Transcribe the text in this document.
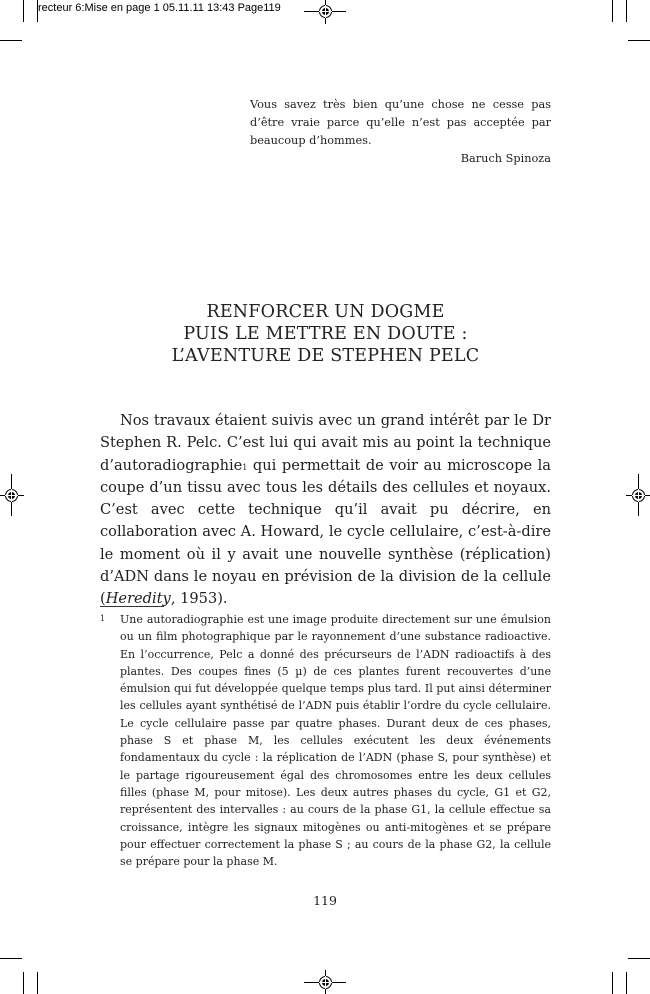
recteur 6:Mise en page 1 05.11.11 13:43 Page119
Vous savez très bien qu’une chose ne cesse pas d’être vraie parce qu’elle n’est pas acceptée par beaucoup d’hommes.
Baruch Spinoza
RENFORCER UN DOGME
PUIS LE METTRE EN DOUTE :
L’AVENTURE DE STEPHEN PELC

Nos travaux étaient suivis avec un grand intérêt par le Dr Stephen R. Pelc. C’est lui qui avait mis au point la technique d’autoradiographie$^1$ qui permettait de voir au microscope la coupe d’un tissu avec tous les détails des cellules et noyaux. C’est avec cette technique qu’il avait pu décrire, en collaboration avec A. Howard, le cycle cellulaire, c’est-à-dire le moment où il y avait une nouvelle synthèse (réplication) d’ADN dans le noyau en prévision de la division de la cellule (Heredity, 1953).

1 Une autoradiographie est une image produite directement sur une émulsion ou un film photographique par le rayonnement d’une substance radioactive. En l’occurrence, Pelc a donné des précurseurs de l’ADN radioactifs à des plantes. Des coupes fines (5 µ) de ces plantes furent recouvertes d’une émulsion qui fut développée quelque temps plus tard. Il put ainsi déterminer les cellules ayant synthétisé de l’ADN puis établir l’ordre du cycle cellulaire. Le cycle cellulaire passe par quatre phases. Durant deux de ces phases, phase S et phase M, les cellules exécutent les deux événements fondamentaux du cycle : la réplication de l’ADN (phase S, pour synthèse) et le partage rigoureusement égal des chromosomes entre les deux cellules filles (phase M, pour mitose). Les deux autres phases du cycle, G1 et G2, représentent des intervalles : au cours de la phase G1, la cellule effectue sa croissance, intègre les signaux mitogènes ou anti-mitogènes et se prépare pour effectuer correctement la phase S ; au cours de la phase G2, la cellule se prépare pour la phase M.

119
